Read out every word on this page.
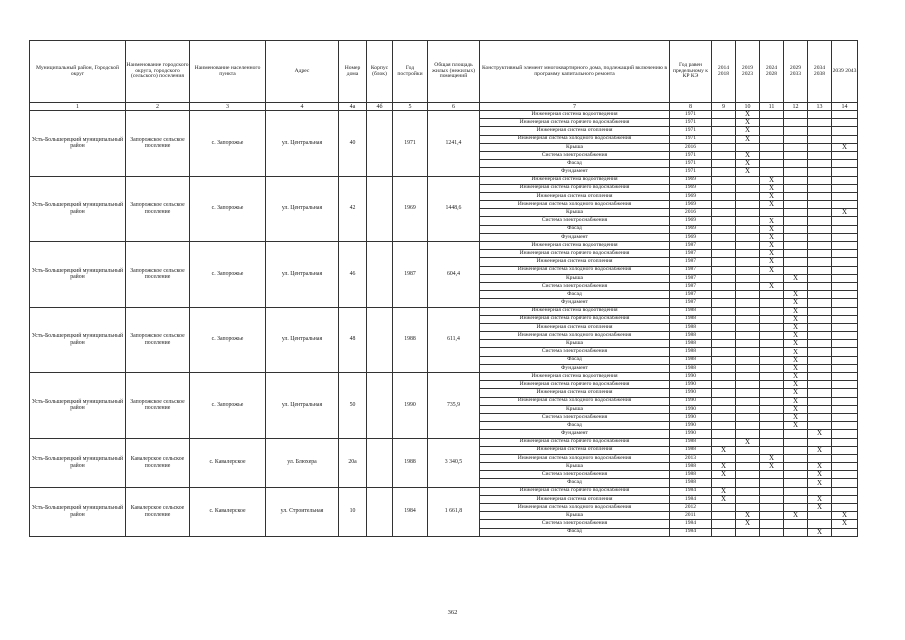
Муниципальный район, Городской округ	Наименование городского округа, городского (сельского) поселения	Наименование населенного пункта	Адрес	Номер дома	Корпус (блок)	Год постройки	Общая площадь жилых (нежилых) помещений	Конструктивный элемент многоквартирного дома, подлежащий включению в программу капитального ремонта	Год равен предельному к КР КЭ	2014 2018	2019 2023	2024 2028	2029 2033	2034 2038	2039 2043
1	2	3	4	4а	4б	5	6	7	8	9	10	11	12	13	14
Усть-Большерецкий муниципальный район	Запорожское сельское поселение	с. Запорожье	ул. Центральная	40		1971	1241,4	Инженерная система водоотведения	1971		X				
								Инженерная система горячего водоснабжения	1971		X				
								Инженерная система отопления	1971		X				
								Инженерная система холодного водоснабжения	1971		X				
								Крыша	2016						X
								Система электроснабжения	1971		X				
								Фасад	1971		X				
								Фундамент	1971		X				
Усть-Большерецкий муниципальный район	Запорожское сельское поселение	с. Запорожье	ул. Центральная	42		1969	1448,6	Инженерная система водоотведения	1969			X			
								Инженерная система горячего водоснабжения	1969			X			
								Инженерная система отопления	1969			X			
								Инженерная система холодного водоснабжения	1969			X			
								Крыша	2016						X
								Система электроснабжения	1969			X			
								Фасад	1969			X			
								Фундамент	1969			X			
Усть-Большерецкий муниципальный район	Запорожское сельское поселение	с. Запорожье	ул. Центральная	46		1987	604,4	Инженерная система водоотведения	1987			X			
								Инженерная система горячего водоснабжения	1987			X			
								Инженерная система отопления	1987			X			
								Инженерная система холодного водоснабжения	1987			X			
								Крыша	1987				X		
								Система электроснабжения	1987			X			
								Фасад	1987				X		
								Фундамент	1987				X		
Усть-Большерецкий муниципальный район	Запорожское сельское поселение	с. Запорожье	ул. Центральная	48		1988	611,4	Инженерная система водоотведения	1988				X		
								Инженерная система горячего водоснабжения	1988				X		
								Инженерная система отопления	1988				X		
								Инженерная система холодного водоснабжения	1988				X		
								Крыша	1988				X		
								Система электроснабжения	1988				X		
								Фасад	1988				X		
								Фундамент	1988				X		
Усть-Большерецкий муниципальный район	Запорожское сельское поселение	с. Запорожье	ул. Центральная	50		1990	735,9	Инженерная система водоотведения	1990				X		
								Инженерная система горячего водоснабжения	1990				X		
								Инженерная система отопления	1990				X		
								Инженерная система холодного водоснабжения	1990				X		
								Крыша	1990				X		
								Система электроснабжения	1990				X		
								Фасад	1990				X		
								Фундамент	1990					X	
Усть-Большерецкий муниципальный район	Кавалерское сельское поселение	с. Кавалерское	ул. Блюхера	20а		1988	3 340,5	Инженерная система горячего водоснабжения	1988		X				
								Инженерная система отопления	1988	X				X	
								Инженерная система холодного водоснабжения	2013			X			
								Крыша	1988	X		X		X	
								Система электроснабжения	1988	X				X	
								Фасад	1988					X	
Усть-Большерецкий муниципальный район	Кавалерское сельское поселение	с. Кавалерское	ул. Строительная	10		1984	1 661,8	Инженерная система горячего водоснабжения	1984	X					
								Инженерная система отопления	1984	X				X	
								Инженерная система холодного водоснабжения	2012					X	
								Крыша	2011		X		X		X
								Система электроснабжения	1984		X				X
								Фасад	1984					X	
362
